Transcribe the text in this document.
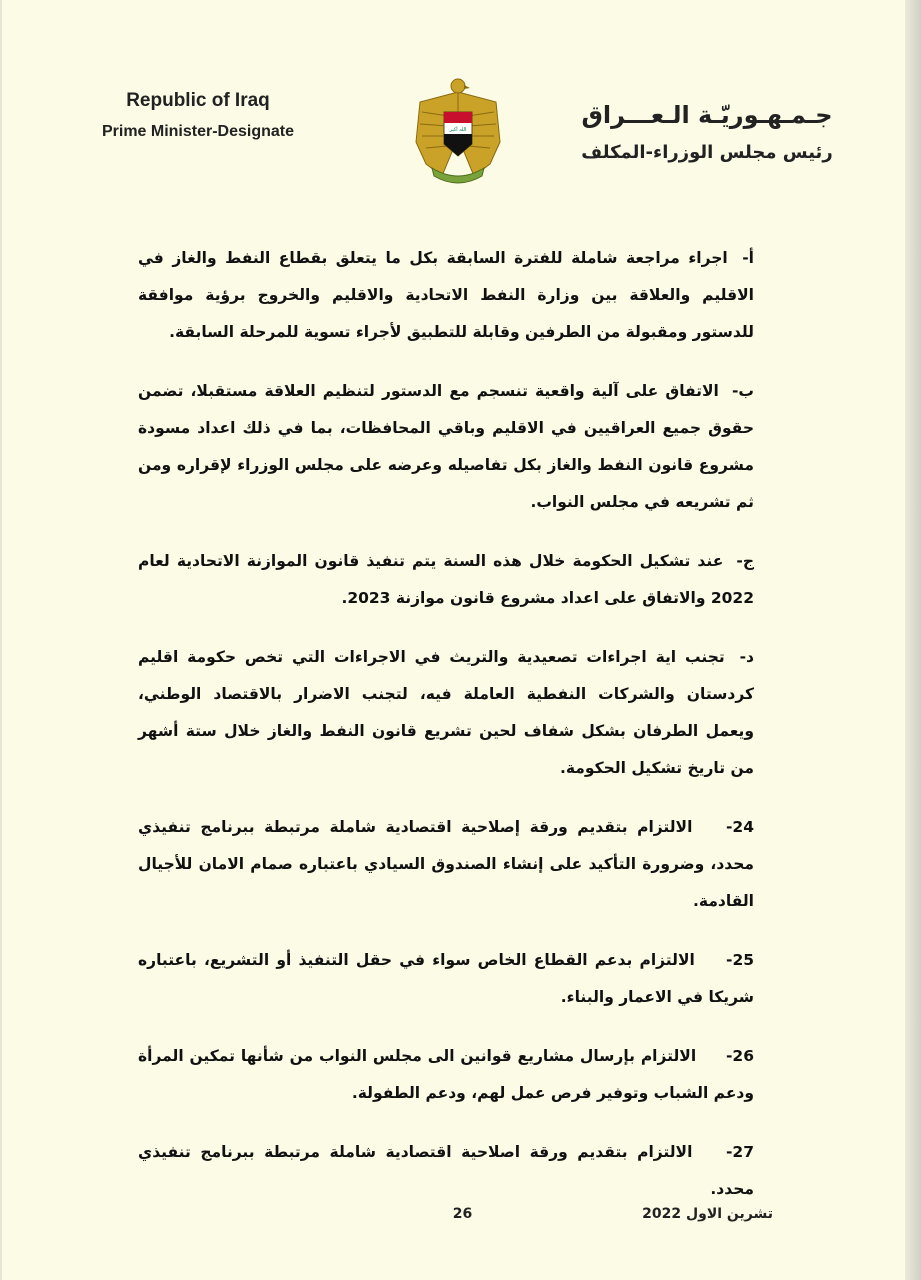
Republic of Iraq
Prime Minister-Designate	الله أكبر
جـمـهـوريّـة الـعـــراق
رئيس مجلس الوزراء-المكلف

أ- اجراء مراجعة شاملة للفترة السابقة بكل ما يتعلق بقطاع النفط والغاز في الاقليم والعلاقة بين وزارة النفط الاتحادية والاقليم والخروج برؤية موافقة للدستور ومقبولة من الطرفين وقابلة للتطبيق لأجراء تسوية للمرحلة السابقة.

ب- الاتفاق على آلية واقعية تنسجم مع الدستور لتنظيم العلاقة مستقبلا، تضمن حقوق جميع العراقيين في الاقليم وباقي المحافظات، بما في ذلك اعداد مسودة مشروع قانون النفط والغاز بكل تفاصيله وعرضه على مجلس الوزراء لإقراره ومن ثم تشريعه في مجلس النواب.

ج- عند تشكيل الحكومة خلال هذه السنة يتم تنفيذ قانون الموازنة الاتحادية لعام 2022 والاتفاق على اعداد مشروع قانون موازنة 2023.

د- تجنب اية اجراءات تصعيدية والتريث في الاجراءات التي تخص حكومة اقليم كردستان والشركات النفطية العاملة فيه، لتجنب الاضرار بالاقتصاد الوطني، ويعمل الطرفان بشكل شفاف لحين تشريع قانون النفط والغاز خلال ستة أشهر من تاريخ تشكيل الحكومة.

24- الالتزام بتقديم ورقة إصلاحية اقتصادية شاملة مرتبطة ببرنامج تنفيذي محدد، وضرورة التأكيد على إنشاء الصندوق السيادي باعتباره صمام الامان للأجيال القادمة.

25- الالتزام بدعم القطاع الخاص سواء في حقل التنفيذ أو التشريع، باعتباره شريكا في الاعمار والبناء.

26- الالتزام بإرسال مشاريع قوانين الى مجلس النواب من شأنها تمكين المرأة ودعم الشباب وتوفير فرص عمل لهم، ودعم الطفولة.

27- الالتزام بتقديم ورقة اصلاحية اقتصادية شاملة مرتبطة ببرنامج تنفيذي محدد.

26	تشرين الاول 2022
